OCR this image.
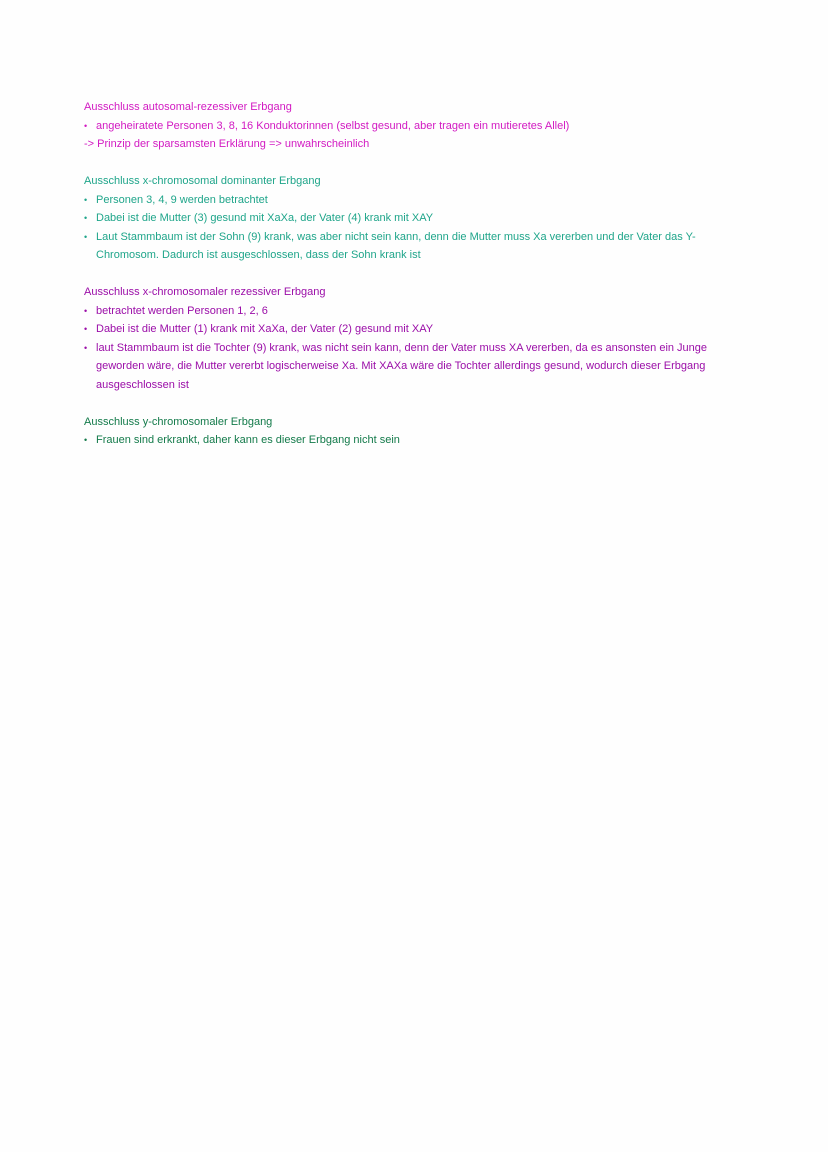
Ausschluss autosomal-rezessiver Erbgang

• angeheiratete Personen 3, 8, 16 Konduktorinnen (selbst gesund, aber tragen ein mutieretes Allel)

-> Prinzip der sparsamsten Erklärung => unwahrscheinlich

Ausschluss x-chromosomal dominanter Erbgang

• Personen 3, 4, 9 werden betrachtet
• Dabei ist die Mutter (3) gesund mit XaXa, der Vater (4) krank mit XAY
• Laut Stammbaum ist der Sohn (9) krank, was aber nicht sein kann, denn die Mutter muss Xa vererben und der Vater das Y-Chromosom. Dadurch ist ausgeschlossen, dass der Sohn krank ist

Ausschluss x-chromosomaler rezessiver Erbgang

• betrachtet werden Personen 1, 2, 6
• Dabei ist die Mutter (1) krank mit XaXa, der Vater (2) gesund mit XAY
• laut Stammbaum ist die Tochter (9) krank, was nicht sein kann, denn der Vater muss XA vererben, da es ansonsten ein Junge geworden wäre, die Mutter vererbt logischerweise Xa. Mit XAXa wäre die Tochter allerdings gesund, wodurch dieser Erbgang ausgeschlossen ist

Ausschluss y-chromosomaler Erbgang

• Frauen sind erkrankt, daher kann es dieser Erbgang nicht sein
